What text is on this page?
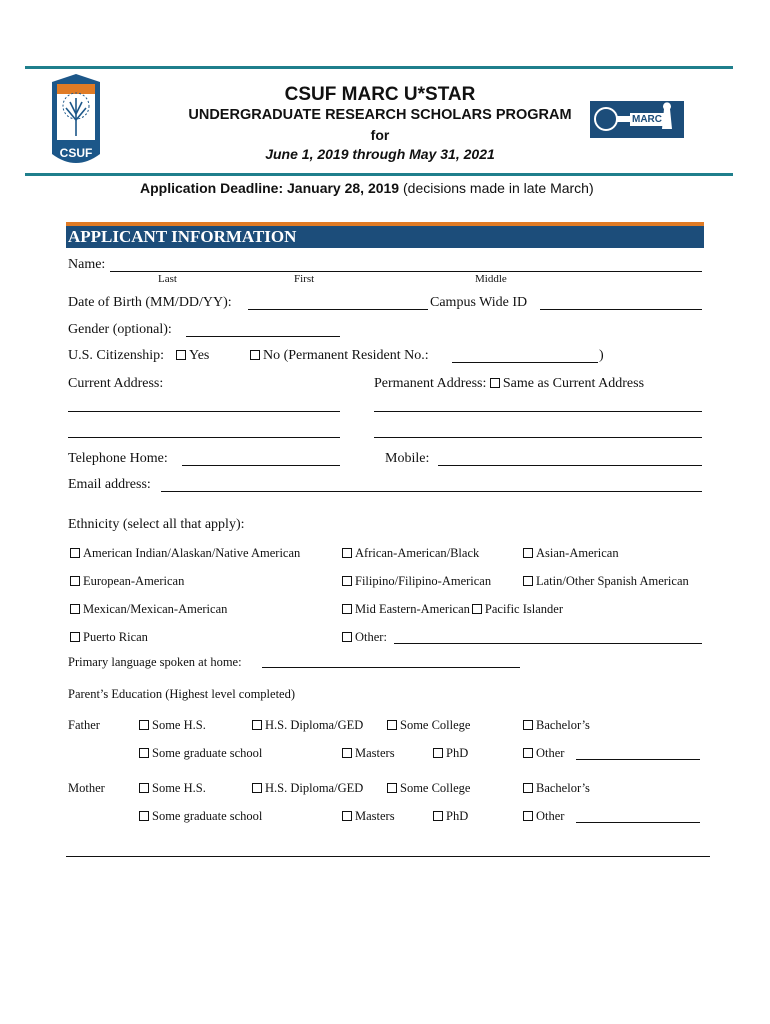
CSUF
CSUF MARC U*STAR
UNDERGRADUATE RESEARCH SCHOLARS PROGRAM
for
June 1, 2019 through May 31, 2021
MARC
Application Deadline: January 28, 2019 (decisions made in late March)
APPLICANT INFORMATION
Name:
Last	First	Middle
Date of Birth (MM/DD/YY):	Campus Wide ID
Gender (optional):
U.S. Citizenship:	Yes	No (Permanent Resident No.:	)
Current Address:	Permanent Address: Same as Current Address
Telephone Home:	Mobile:
Email address:
Ethnicity (select all that apply):
American Indian/Alaskan/Native American	African-American/Black	Asian-American
European-American	Filipino/Filipino-American	Latin/Other Spanish American
Mexican/Mexican-American	Mid Eastern-American Pacific Islander
Puerto Rican	Other:
Primary language spoken at home:
Parent’s Education (Highest level completed)
Father	Some H.S.	H.S. Diploma/GED	Some College	Bachelor’s
Some graduate school	Masters	PhD	Other
Mother	Some H.S.	H.S. Diploma/GED	Some College	Bachelor’s
Some graduate school	Masters	PhD	Other
